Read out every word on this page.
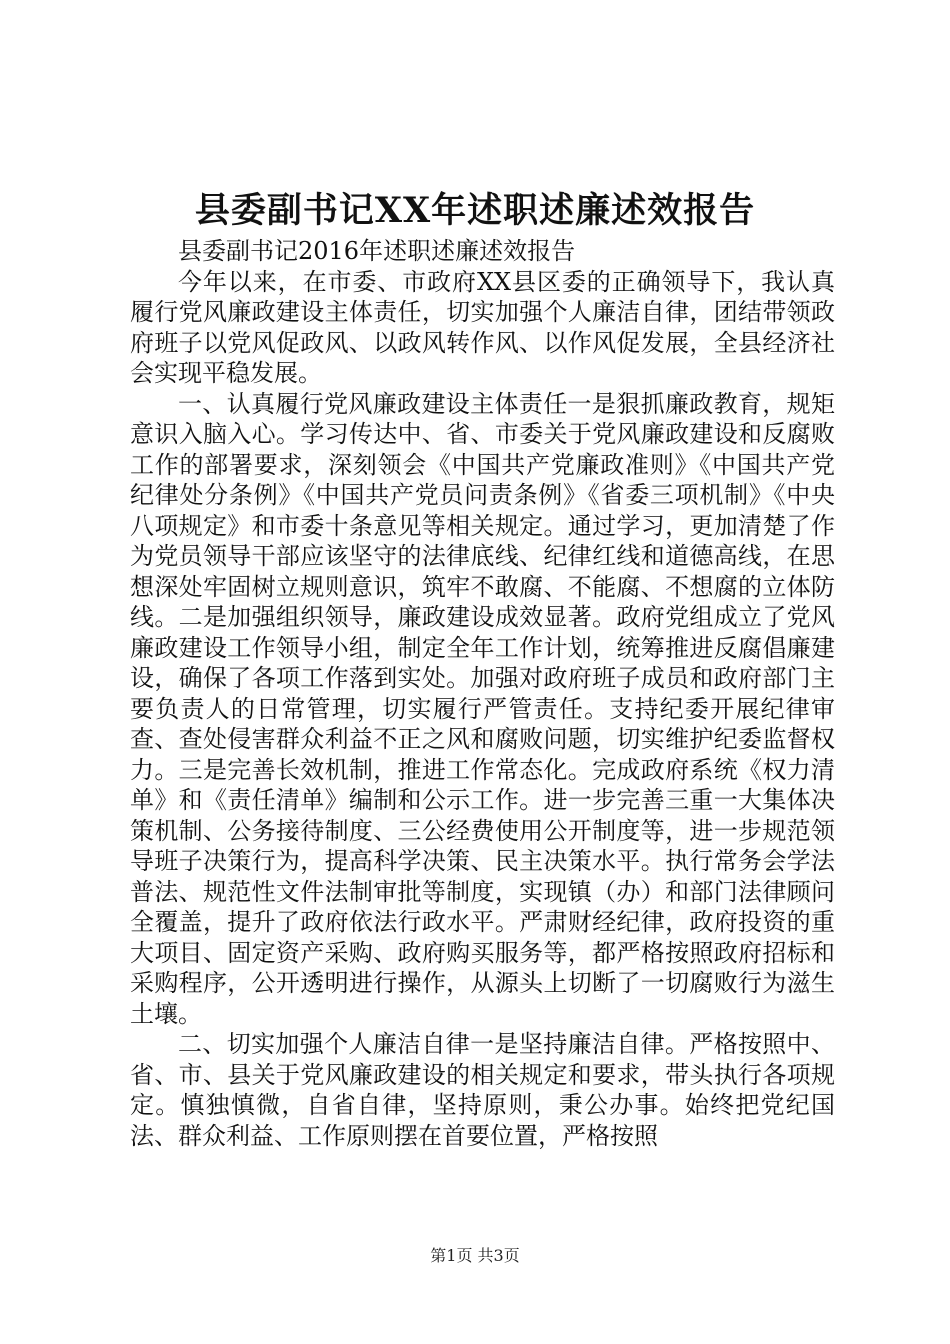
县委副书记XX年述职述廉述效报告

县委副书记2016年述职述廉述效报告

今年以来，在市委、市政府XX县区委的正确领导下，我认真履行党风廉政建设主体责任，切实加强个人廉洁自律，团结带领政府班子以党风促政风、以政风转作风、以作风促发展，全县经济社会实现平稳发展。

一、认真履行党风廉政建设主体责任一是狠抓廉政教育，规矩意识入脑入心。学习传达中、省、市委关于党风廉政建设和反腐败工作的部署要求，深刻领会《中国共产党廉政准则》《中国共产党纪律处分条例》《中国共产党员问责条例》《省委三项机制》《中央八项规定》和市委十条意见等相关规定。通过学习，更加清楚了作为党员领导干部应该坚守的法律底线、纪律红线和道德高线，在思想深处牢固树立规则意识，筑牢不敢腐、不能腐、不想腐的立体防线。二是加强组织领导，廉政建设成效显著。政府党组成立了党风廉政建设工作领导小组，制定全年工作计划，统筹推进反腐倡廉建设，确保了各项工作落到实处。加强对政府班子成员和政府部门主要负责人的日常管理，切实履行严管责任。支持纪委开展纪律审查、查处侵害群众利益不正之风和腐败问题，切实维护纪委监督权力。三是完善长效机制，推进工作常态化。完成政府系统《权力清单》和《责任清单》编制和公示工作。进一步完善三重一大集体决策机制、公务接待制度、三公经费使用公开制度等，进一步规范领导班子决策行为，提高科学决策、民主决策水平。执行常务会学法普法、规范性文件法制审批等制度，实现镇（办）和部门法律顾问全覆盖，提升了政府依法行政水平。严肃财经纪律，政府投资的重大项目、固定资产采购、政府购买服务等，都严格按照政府招标和采购程序，公开透明进行操作，从源头上切断了一切腐败行为滋生土壤。

二、切实加强个人廉洁自律一是坚持廉洁自律。严格按照中、省、市、县关于党风廉政建设的相关规定和要求，带头执行各项规定。慎独慎微，自省自律，坚持原则，秉公办事。始终把党纪国法、群众利益、工作原则摆在首要位置，严格按照

第1页 共3页
